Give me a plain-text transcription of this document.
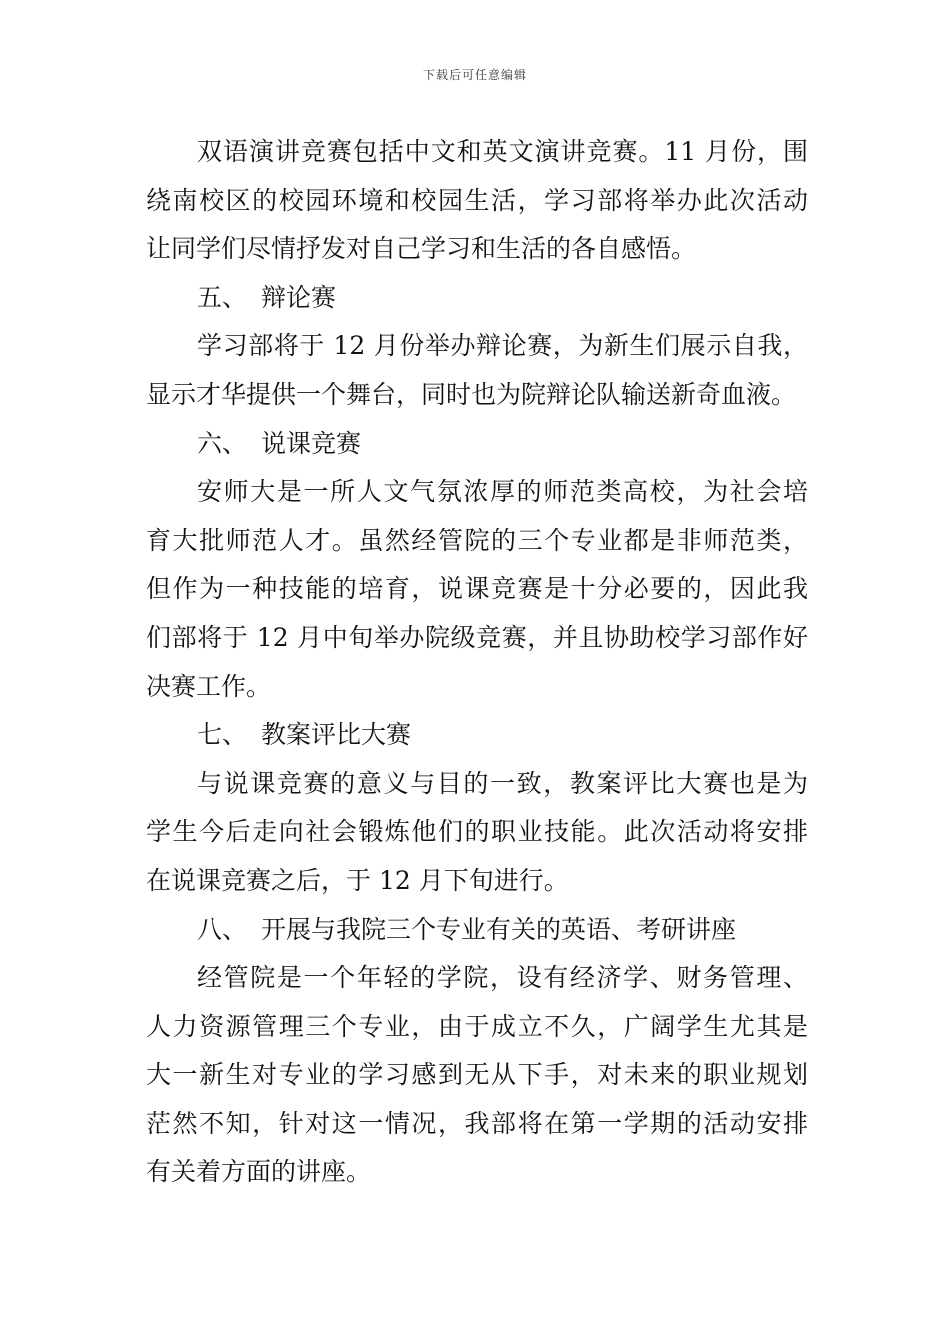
下载后可任意编辑
双语演讲竞赛包括中文和英文演讲竞赛。11 月份，围
绕南校区的校园环境和校园生活，学习部将举办此次活动
让同学们尽情抒发对自己学习和生活的各自感悟。
五、 辩论赛
学习部将于 12 月份举办辩论赛，为新生们展示自我，
显示才华提供一个舞台，同时也为院辩论队输送新奇血液。
六、 说课竞赛
安师大是一所人文气氛浓厚的师范类高校，为社会培
育大批师范人才。虽然经管院的三个专业都是非师范类，
但作为一种技能的培育，说课竞赛是十分必要的，因此我
们部将于 12 月中旬举办院级竞赛，并且协助校学习部作好
决赛工作。
七、 教案评比大赛
与说课竞赛的意义与目的一致，教案评比大赛也是为
学生今后走向社会锻炼他们的职业技能。此次活动将安排
在说课竞赛之后，于 12 月下旬进行。
八、 开展与我院三个专业有关的英语、考研讲座
经管院是一个年轻的学院，设有经济学、财务管理、
人力资源管理三个专业，由于成立不久，广阔学生尤其是
大一新生对专业的学习感到无从下手，对未来的职业规划
茫然不知，针对这一情况，我部将在第一学期的活动安排
有关着方面的讲座。
